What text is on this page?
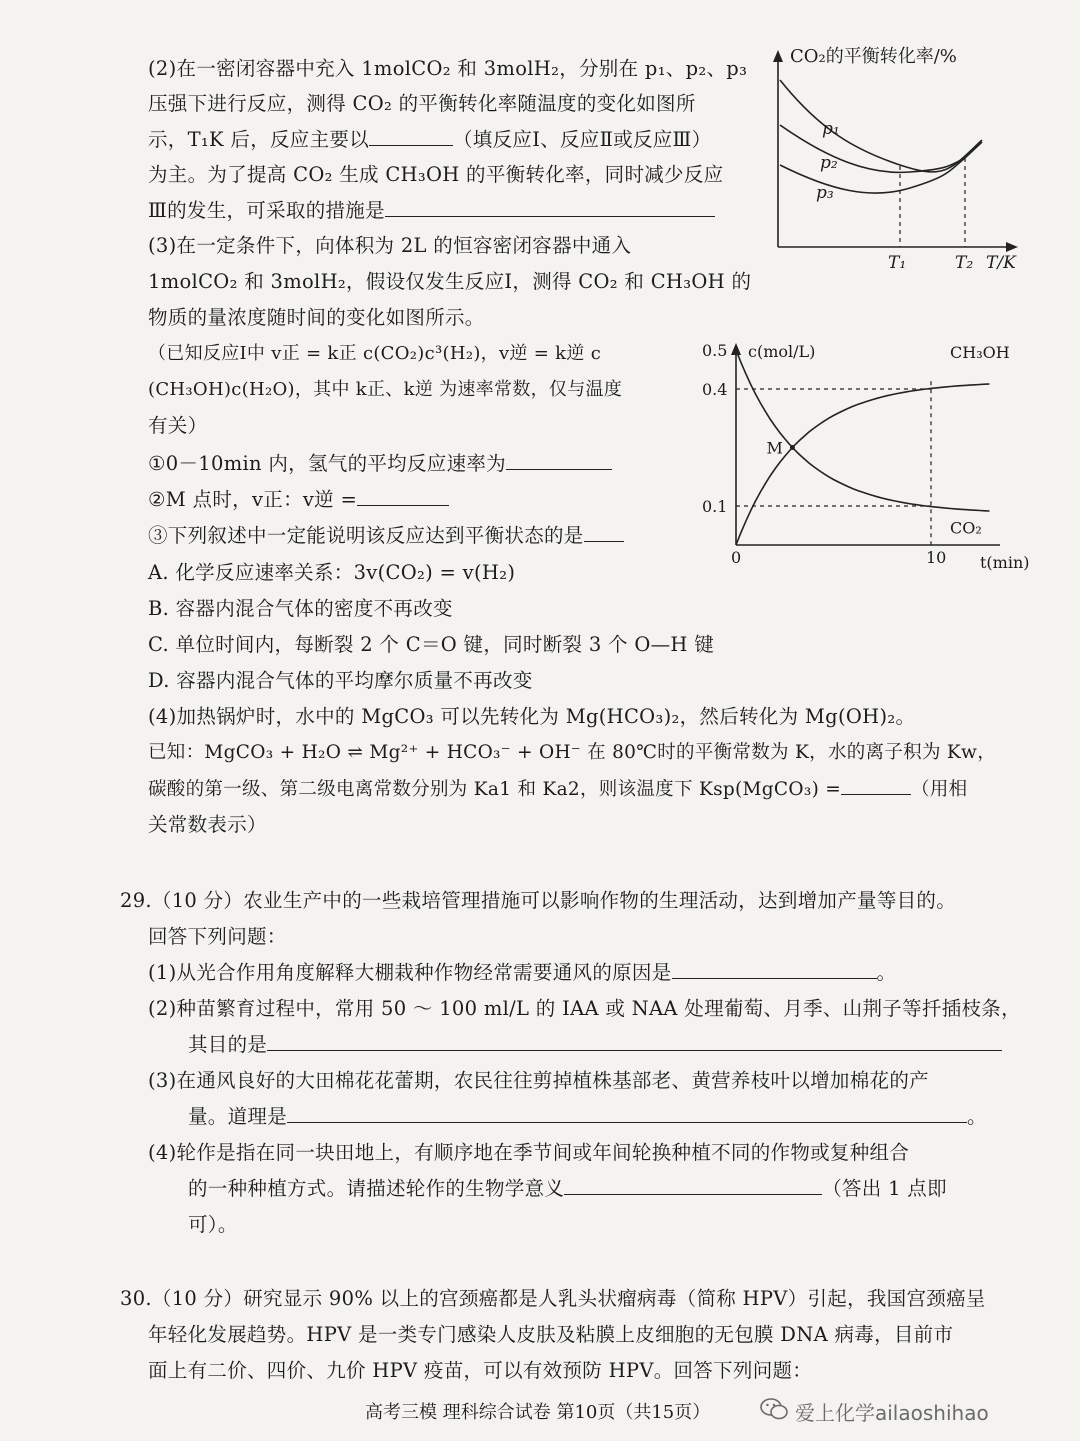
(2)在一密闭容器中充入 1molCO₂ 和 3molH₂，分别在 p₁、p₂、p₃
压强下进行反应，测得 CO₂ 的平衡转化率随温度的变化如图所
示，T₁K 后，反应主要以	（填反应Ⅰ、反应Ⅱ或反应Ⅲ）
为主。为了提高 CO₂ 生成 CH₃OH 的平衡转化率，同时减少反应
Ⅲ的发生，可采取的措施是
CO₂的平衡转化率/%
p₁
p₂
p₃
T₁	T₂ T/K
(3)在一定条件下，向体积为 2L 的恒容密闭容器中通入
1molCO₂ 和 3molH₂，假设仅发生反应Ⅰ，测得 CO₂ 和 CH₃OH 的
物质的量浓度随时间的变化如图所示。
（已知反应Ⅰ中 v正 = k正 c(CO₂)c³(H₂)，v逆 = k逆 c
(CH₃OH)c(H₂O)，其中 k正、k逆 为速率常数，仅与温度
有关）
①0－10min 内，氢气的平均反应速率为
②M 点时，v正：v逆 =
③下列叙述中一定能说明该反应达到平衡状态的是
A. 化学反应速率关系：3v(CO₂) = v(H₂)
B. 容器内混合气体的密度不再改变
C. 单位时间内，每断裂 2 个 C＝O 键，同时断裂 3 个 O—H 键
D. 容器内混合气体的平均摩尔质量不再改变
c(mol/L)
t(min)
0.1
0.4
0.5
0	10
CH₃OH
CO₂
M
(4)加热锅炉时，水中的 MgCO₃ 可以先转化为 Mg(HCO₃)₂，然后转化为 Mg(OH)₂。
已知：MgCO₃ + H₂O ⇌ Mg²⁺ + HCO₃⁻ + OH⁻ 在 80℃时的平衡常数为 K，水的离子积为 Kw，
碳酸的第一级、第二级电离常数分别为 Ka1 和 Ka2，则该温度下 Ksp(MgCO₃) =	（用相
关常数表示）
29.（10 分）农业生产中的一些栽培管理措施可以影响作物的生理活动，达到增加产量等目的。
回答下列问题：
(1)从光合作用角度解释大棚栽种作物经常需要通风的原因是	。
(2)种苗繁育过程中，常用 50 ～ 100 ml/L 的 IAA 或 NAA 处理葡萄、月季、山荆子等扦插枝条，
其目的是
(3)在通风良好的大田棉花花蕾期，农民往往剪掉植株基部老、黄营养枝叶以增加棉花的产
量。道理是	。
(4)轮作是指在同一块田地上，有顺序地在季节间或年间轮换种植不同的作物或复种组合
的一种种植方式。请描述轮作的生物学意义	（答出 1 点即
可）。
30.（10 分）研究显示 90% 以上的宫颈癌都是人乳头状瘤病毒（简称 HPV）引起，我国宫颈癌呈
年轻化发展趋势。HPV 是一类专门感染人皮肤及粘膜上皮细胞的无包膜 DNA 病毒，目前市
面上有二价、四价、九价 HPV 疫苗，可以有效预防 HPV。回答下列问题：
高考三模 理科综合试卷 第10页（共15页）	爱上化学ailaoshihao
